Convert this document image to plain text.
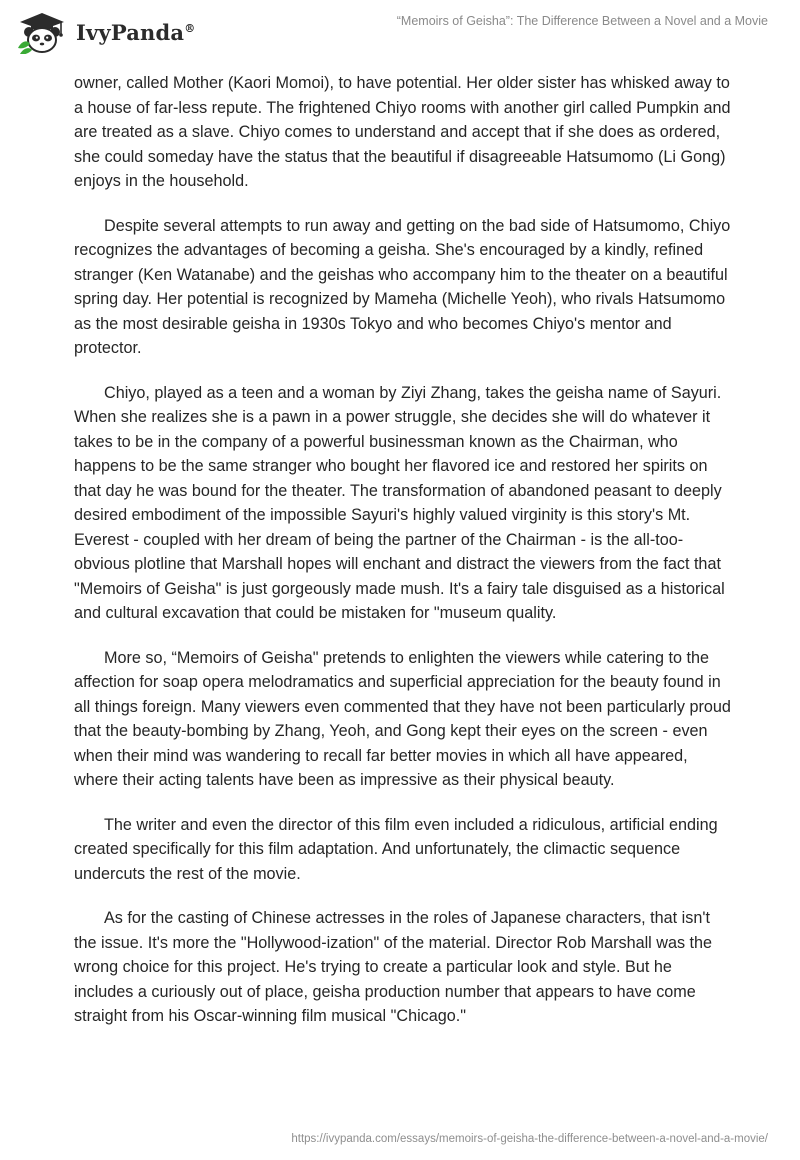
IvyPanda®	“Memoirs of Geisha”: The Difference Between a Novel and a Movie

owner, called Mother (Kaori Momoi), to have potential. Her older sister has whisked away to a house of far-less repute. The frightened Chiyo rooms with another girl called Pumpkin and are treated as a slave. Chiyo comes to understand and accept that if she does as ordered, she could someday have the status that the beautiful if disagreeable Hatsumomo (Li Gong) enjoys in the household.

Despite several attempts to run away and getting on the bad side of Hatsumomo, Chiyo recognizes the advantages of becoming a geisha. She's encouraged by a kindly, refined stranger (Ken Watanabe) and the geishas who accompany him to the theater on a beautiful spring day. Her potential is recognized by Mameha (Michelle Yeoh), who rivals Hatsumomo as the most desirable geisha in 1930s Tokyo and who becomes Chiyo's mentor and protector.

Chiyo, played as a teen and a woman by Ziyi Zhang, takes the geisha name of Sayuri. When she realizes she is a pawn in a power struggle, she decides she will do whatever it takes to be in the company of a powerful businessman known as the Chairman, who happens to be the same stranger who bought her flavored ice and restored her spirits on that day he was bound for the theater. The transformation of abandoned peasant to deeply desired embodiment of the impossible Sayuri's highly valued virginity is this story's Mt. Everest - coupled with her dream of being the partner of the Chairman - is the all-too-obvious plotline that Marshall hopes will enchant and distract the viewers from the fact that "Memoirs of Geisha" is just gorgeously made mush. It's a fairy tale disguised as a historical and cultural excavation that could be mistaken for "museum quality.

More so, “Memoirs of Geisha" pretends to enlighten the viewers while catering to the affection for soap opera melodramatics and superficial appreciation for the beauty found in all things foreign. Many viewers even commented that they have not been particularly proud that the beauty-bombing by Zhang, Yeoh, and Gong kept their eyes on the screen - even when their mind was wandering to recall far better movies in which all have appeared, where their acting talents have been as impressive as their physical beauty.

The writer and even the director of this film even included a ridiculous, artificial ending created specifically for this film adaptation. And unfortunately, the climactic sequence undercuts the rest of the movie.

As for the casting of Chinese actresses in the roles of Japanese characters, that isn't the issue. It's more the "Hollywood-ization" of the material. Director Rob Marshall was the wrong choice for this project. He's trying to create a particular look and style. But he includes a curiously out of place, geisha production number that appears to have come straight from his Oscar-winning film musical "Chicago."

https://ivypanda.com/essays/memoirs-of-geisha-the-difference-between-a-novel-and-a-movie/
